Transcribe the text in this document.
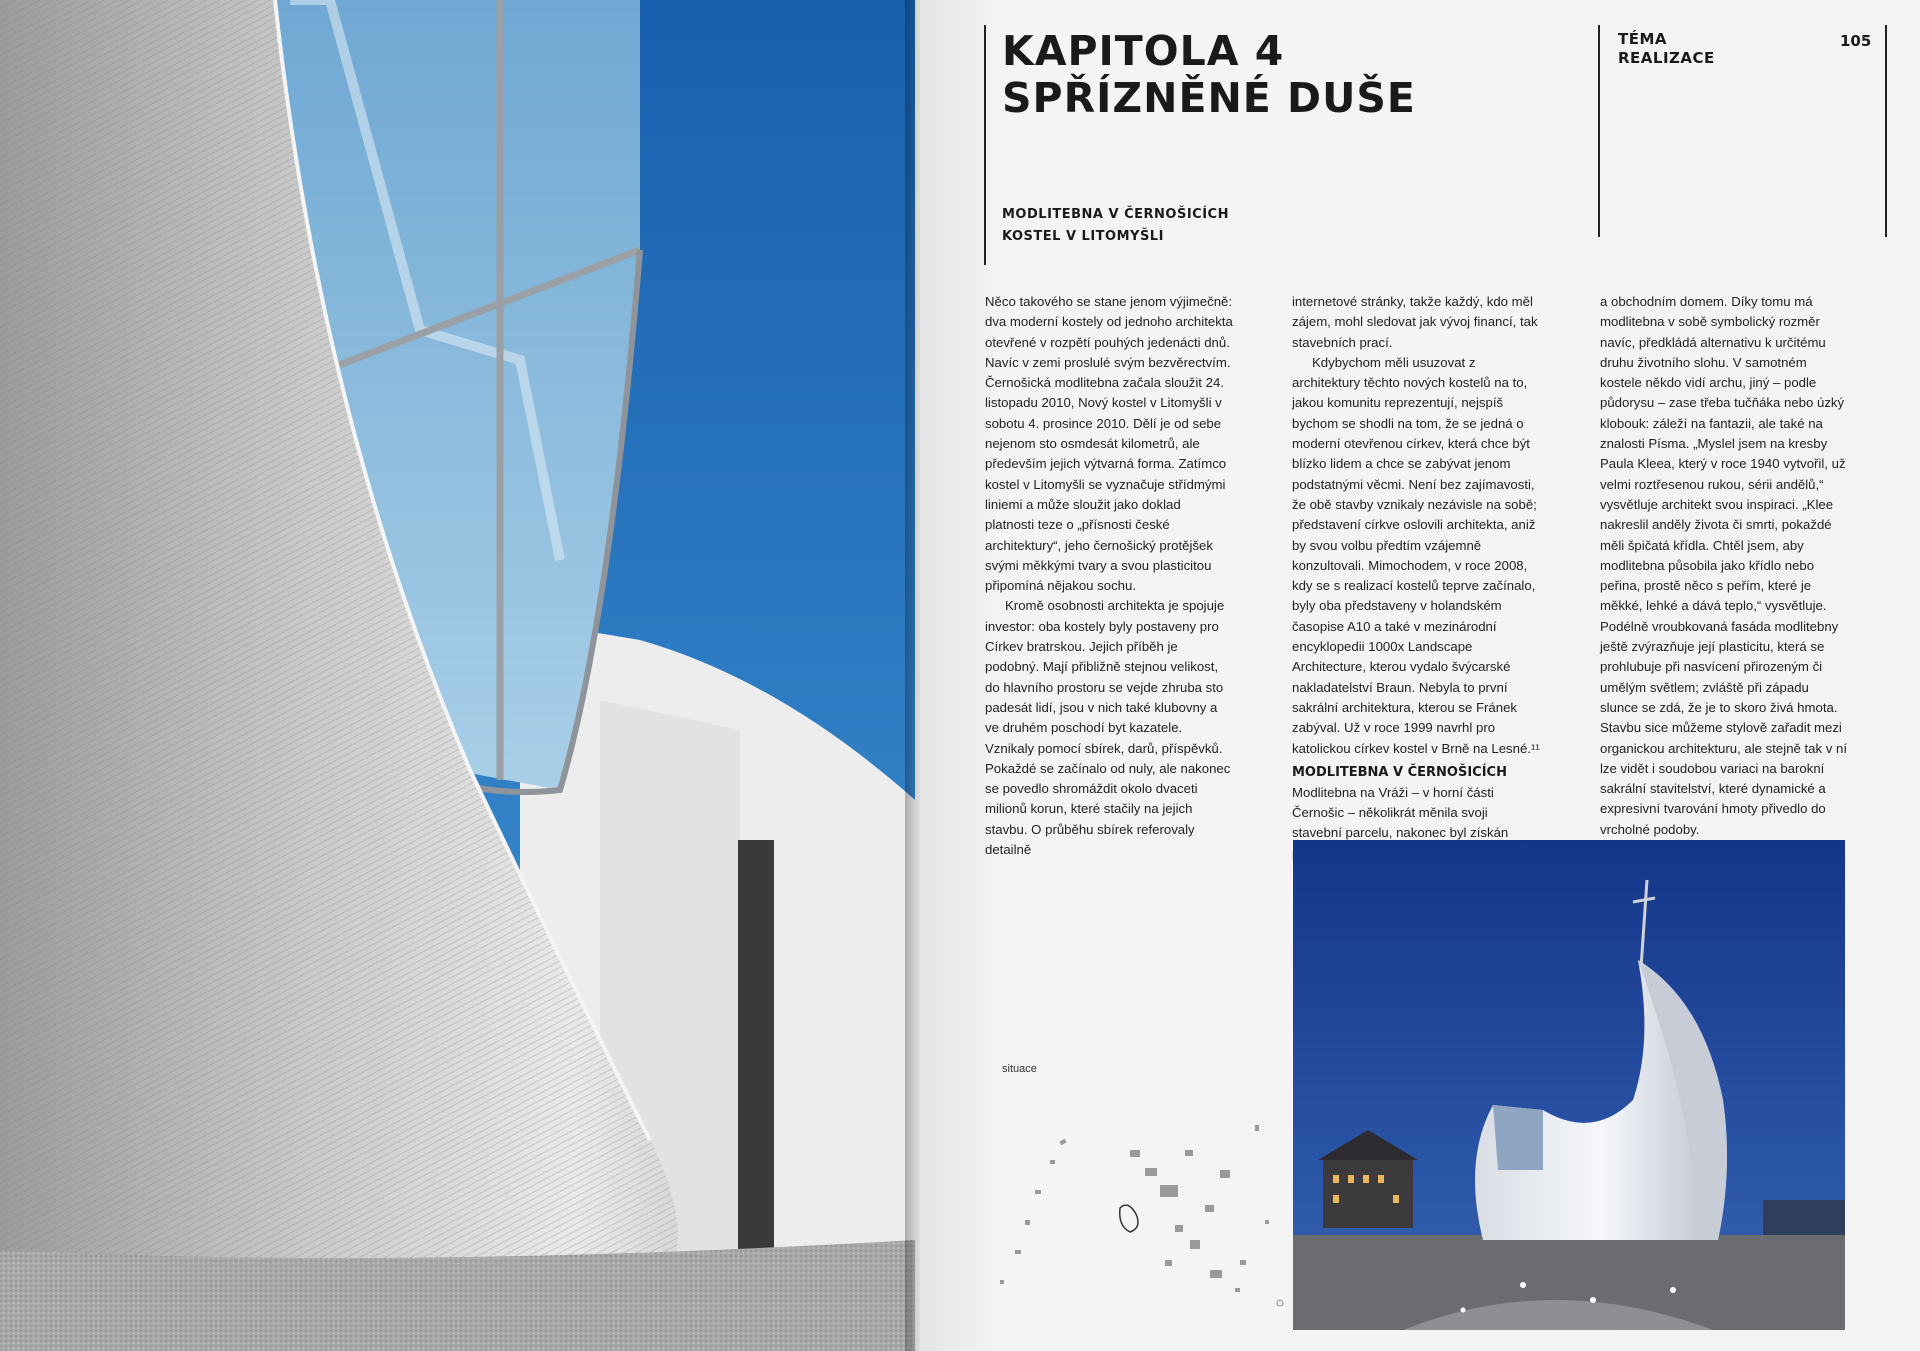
KAPITOLA 4
SPŘÍZNĚNÉ DUŠE
TÉMA
REALIZACE
105
MODLITEBNA V ČERNOŠICÍCH
KOSTEL V LITOMYŠLI

Něco takového se stane jenom výjimečně: dva moderní kostely od jednoho architekta otevřené v rozpětí pouhých jedenácti dnů. Navíc v zemi proslulé svým bezvěrectvím. Černošická modlitebna začala sloužit 24. listopadu 2010, Nový kostel v Litomyšli v sobotu 4. prosince 2010. Dělí je od sebe nejenom sto osmdesát kilometrů, ale především jejich výtvarná forma. Zatímco kostel v Litomyšli se vyznačuje střídmými liniemi a může sloužit jako doklad platnosti teze o „přísnosti české architektury“, jeho černošický protějšek svými měkkými tvary a svou plasticitou připomíná nějakou sochu.

Kromě osobnosti architekta je spojuje investor: oba kostely byly postaveny pro Církev bratrskou. Jejich příběh je podobný. Mají přibližně stejnou velikost, do hlavního prostoru se vejde zhruba sto padesát lidí, jsou v nich také klubovny a ve druhém poschodí byt kazatele. Vznikaly pomocí sbírek, darů, příspěvků. Pokaždé se začínalo od nuly, ale nakonec se povedlo shromáždit okolo dvaceti milionů korun, které stačily na jejich stavbu. O průběhu sbírek referovaly detailně

internetové stránky, takže každý, kdo měl zájem, mohl sledovat jak vývoj financí, tak stavebních prací.

Kdybychom měli usuzovat z architektury těchto nových kostelů na to, jakou komunitu reprezentují, nejspíš bychom se shodli na tom, že se jedná o moderní otevřenou církev, která chce být blízko lidem a chce se zabývat jenom podstatnými věcmi. Není bez zajímavosti, že obě stavby vznikaly nezávisle na sobě; představení církve oslovili architekta, aniž by svou volbu předtím vzájemně konzultovali. Mimochodem, v roce 2008, kdy se s realizací kostelů teprve začínalo, byly oba představeny v holandském časopise A10 a také v mezinárodní encyklopedii 1000x Landscape Architecture, kterou vydalo švýcarské nakladatelství Braun. Nebyla to první sakrální architektura, kterou se Fránek zabýval. Už v roce 1999 navrhl pro katolickou církev kostel v Brně na Lesné.¹¹

MODLITEBNA V ČERNOŠICÍCH

Modlitebna na Vráži – v horní části Černošic – několikrát měnila svoji stavební parcelu, nakonec byl získán

a obchodním domem. Díky tomu má modlitebna v sobě symbolický rozměr navíc, předkládá alternativu k určitému druhu životního slohu. V samotném kostele někdo vidí archu, jiný – podle půdorysu – zase třeba tučňáka nebo úzký klobouk: záleží na fantazii, ale také na znalosti Písma. „Myslel jsem na kresby Paula Kleea, který v roce 1940 vytvořil, už velmi roztřesenou rukou, sérii andělů,“ vysvětluje architekt svou inspiraci. „Klee nakreslil anděly života či smrti, pokaždé měli špičatá křídla. Chtěl jsem, aby modlitebna působila jako křídlo nebo peřina, prostě něco s peřím, které je měkké, lehké a dává teplo,“ vysvětluje. Podélně vroubkovaná fasáda modlitebny ještě zvýrazňuje její plasticitu, která se prohlubuje při nasvícení přirozeným či umělým světlem; zvláště při západu slunce se zdá, že je to skoro živá hmota. Stavbu sice můžeme stylově zařadit mezi organickou architekturu, ale stejně tak v ní lze vidět i soudobou variaci na barokní sakrální stavitelství, které dynamické a expresivní tvarování hmoty přivedlo do vrcholné podoby.

situace
